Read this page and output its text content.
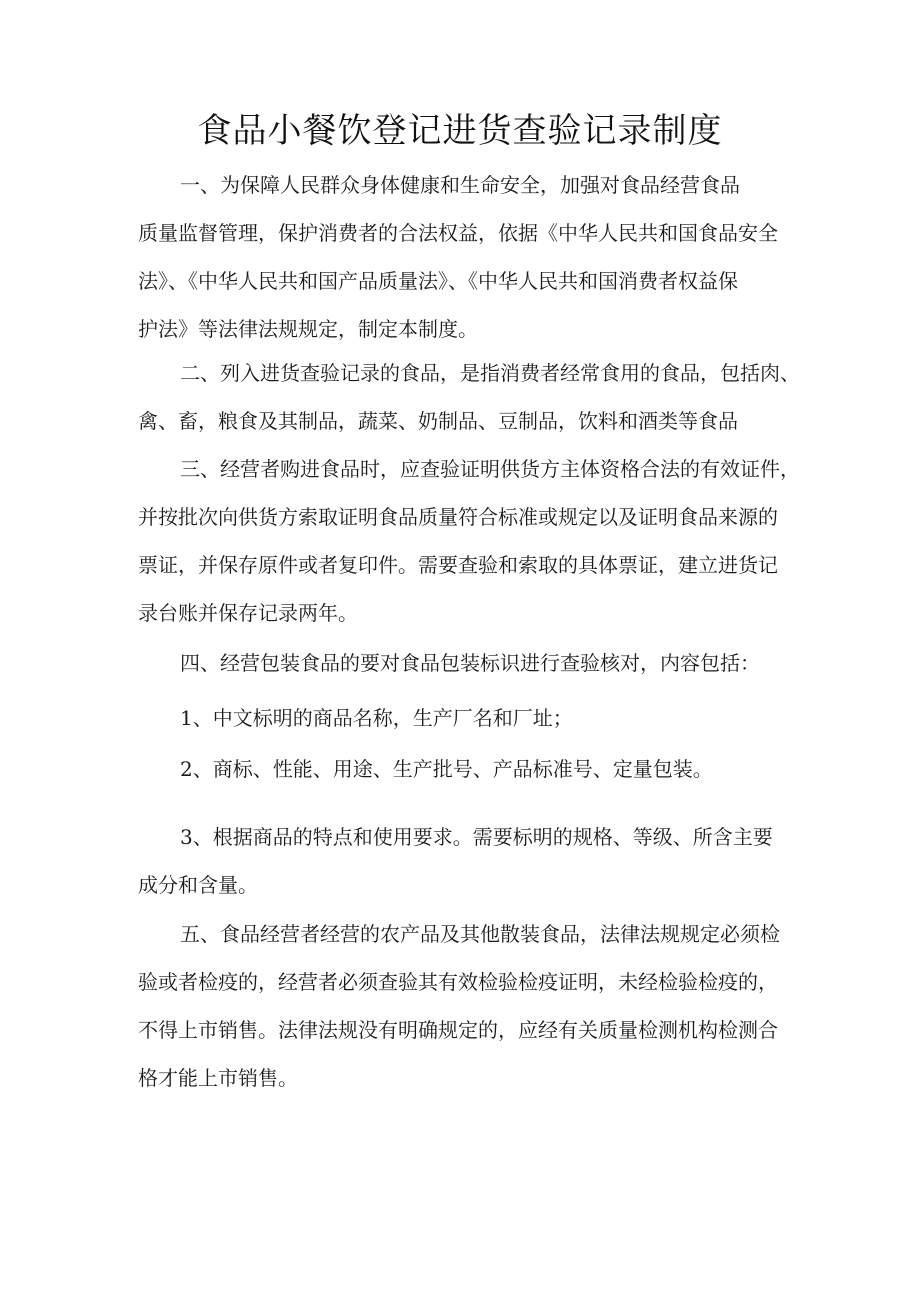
食品小餐饮登记进货查验记录制度
一、为保障人民群众身体健康和生命安全，加强对食品经营食品
质量监督管理，保护消费者的合法权益，依据《中华人民共和国食品安全
法》、《中华人民共和国产品质量法》、《中华人民共和国消费者权益保
护法》等法律法规规定，制定本制度。
二、列入进货查验记录的食品，是指消费者经常食用的食品，包括肉、
禽、畜，粮食及其制品，蔬菜、奶制品、豆制品，饮料和酒类等食品
三、经营者购进食品时，应查验证明供货方主体资格合法的有效证件，
并按批次向供货方索取证明食品质量符合标准或规定以及证明食品来源的
票证，并保存原件或者复印件。需要查验和索取的具体票证，建立进货记
录台账并保存记录两年。
四、经营包装食品的要对食品包装标识进行查验核对，内容包括：
1、中文标明的商品名称，生产厂名和厂址；
2、商标、性能、用途、生产批号、产品标准号、定量包装。
3、根据商品的特点和使用要求。需要标明的规格、等级、所含主要
成分和含量。
五、食品经营者经营的农产品及其他散装食品，法律法规规定必须检
验或者检疫的，经营者必须查验其有效检验检疫证明，未经检验检疫的，
不得上市销售。法律法规没有明确规定的，应经有关质量检测机构检测合
格才能上市销售。
